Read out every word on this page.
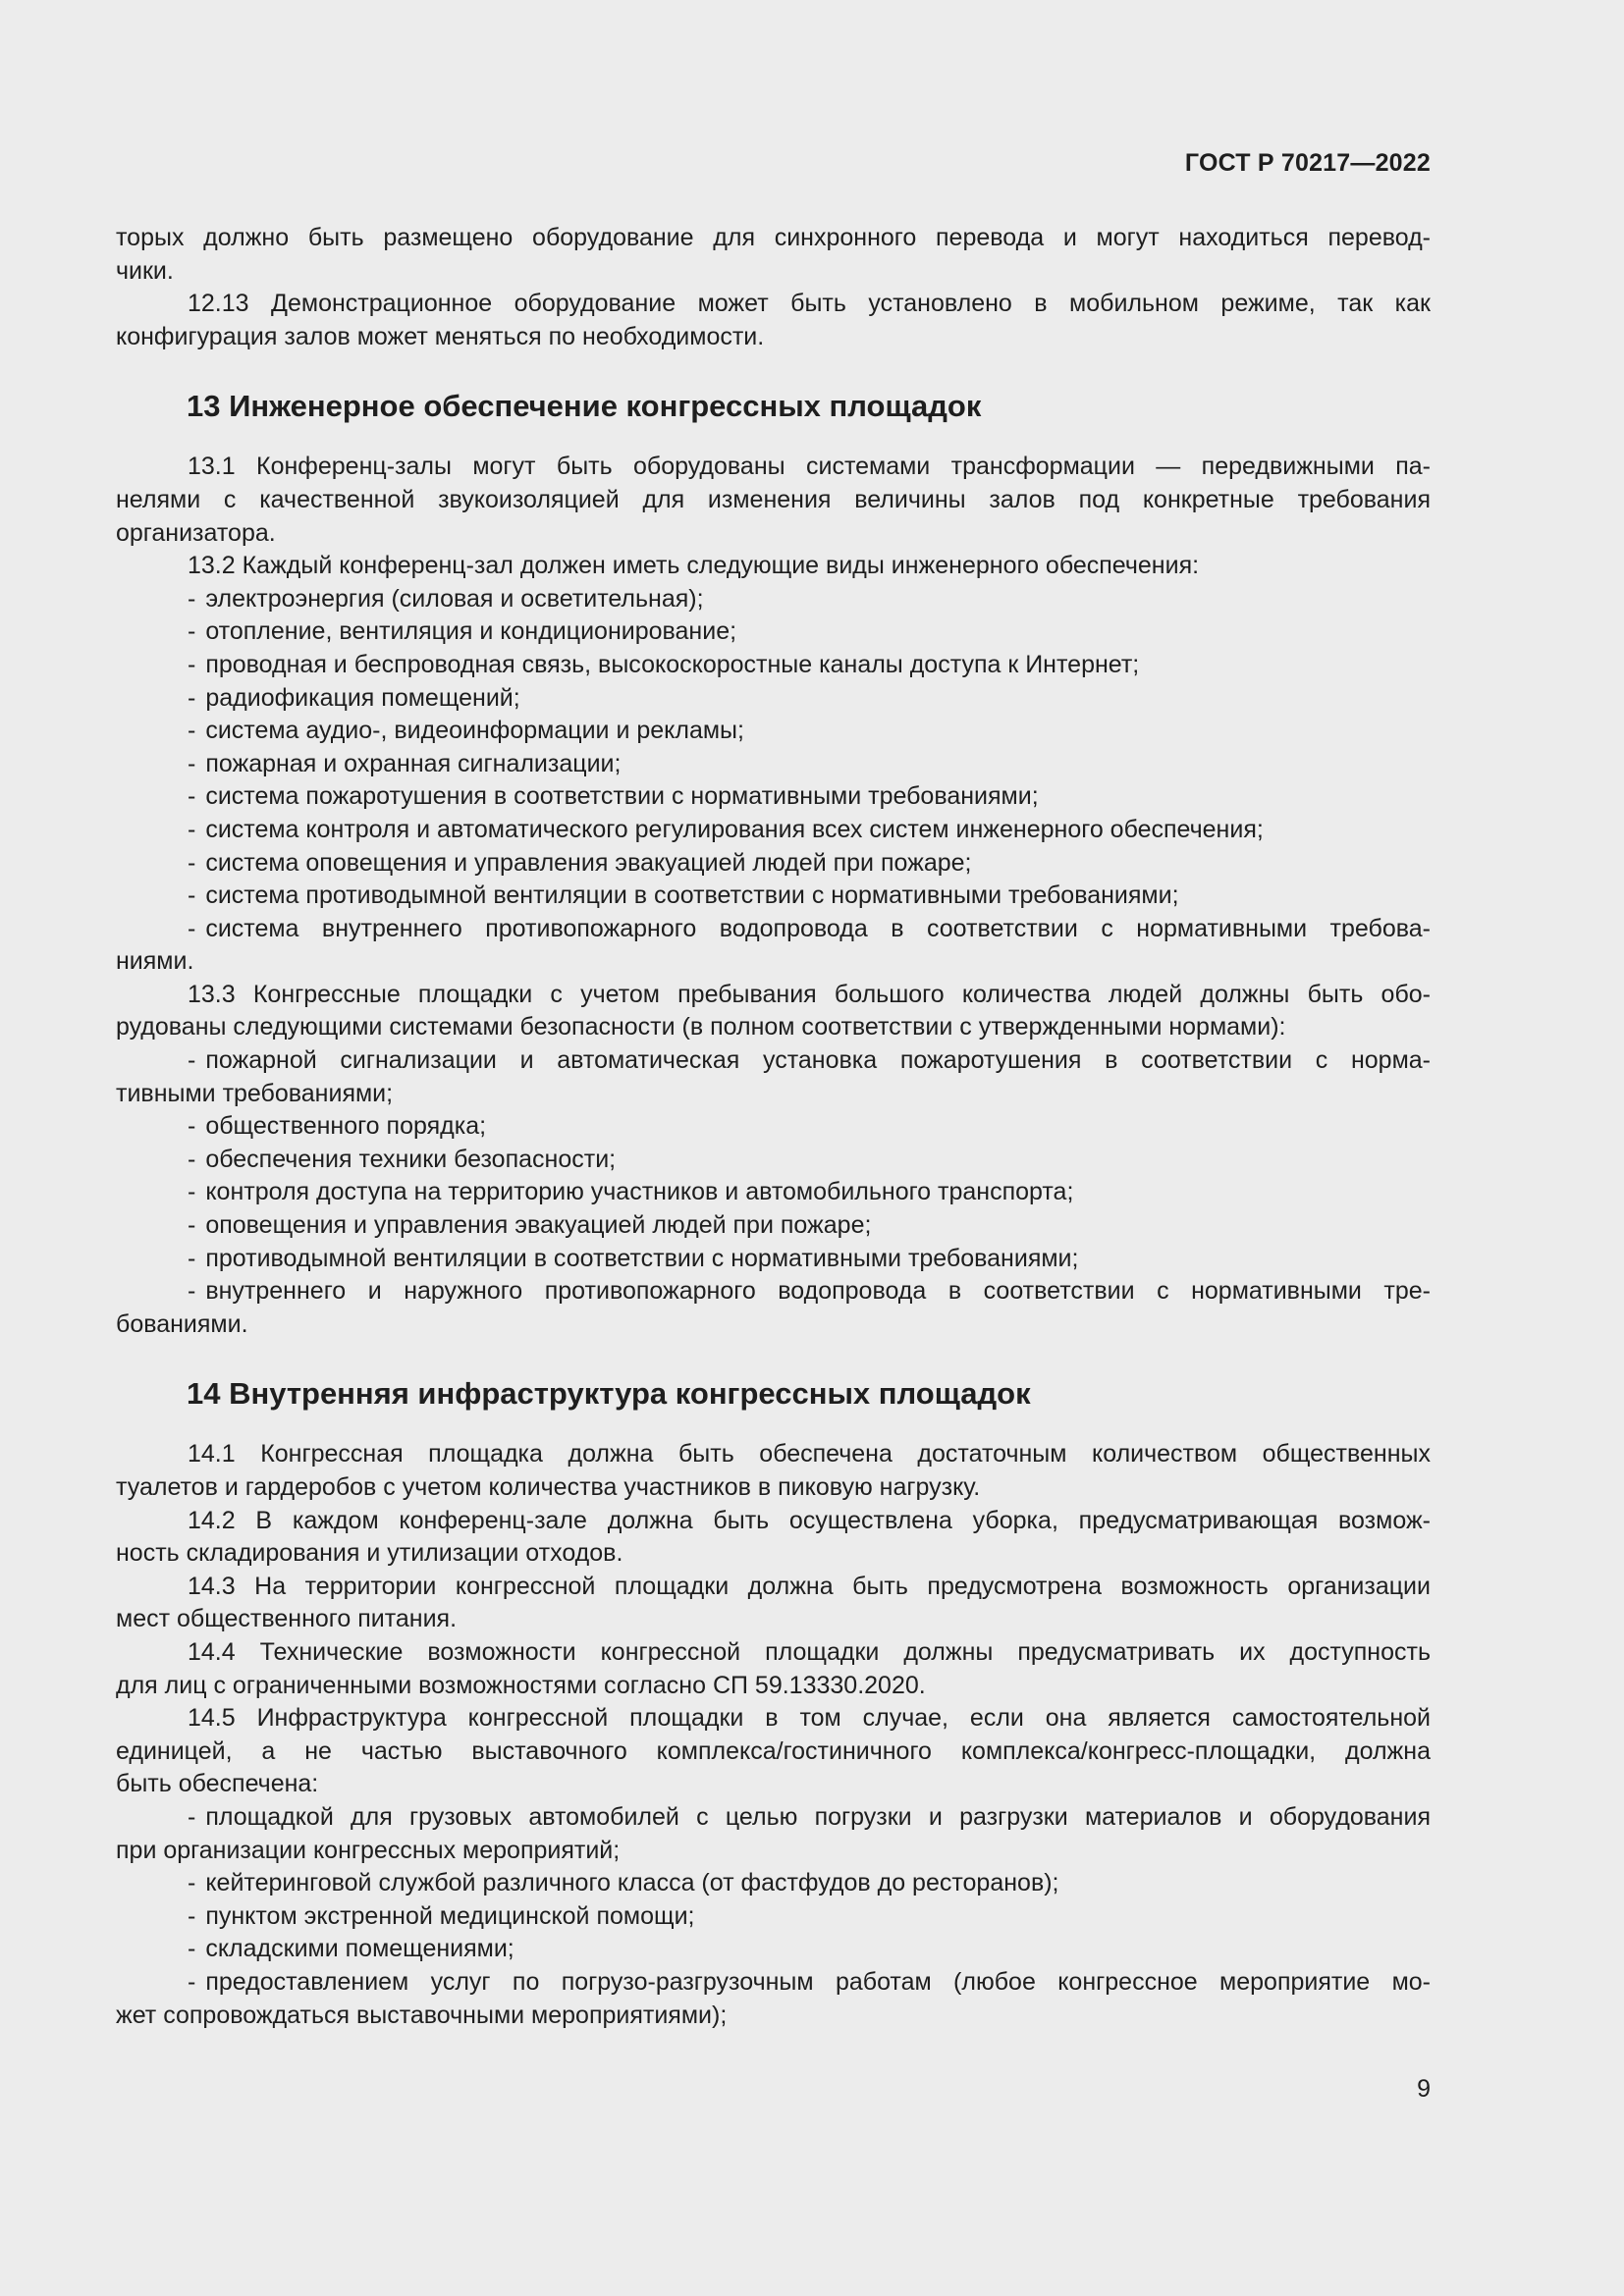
ГОСТ Р 70217—2022

торых должно быть размещено оборудование для синхронного перевода и могут находиться перевод-

чики.

12.13 Демонстрационное оборудование может быть установлено в мобильном режиме, так как

конфигурация залов может меняться по необходимости.

13 Инженерное обеспечение конгрессных площадок

13.1 Конференц-залы могут быть оборудованы системами трансформации — передвижными па-

нелями с качественной звукоизоляцией для изменения величины залов под конкретные требования

организатора.

13.2 Каждый конференц-зал должен иметь следующие виды инженерного обеспечения:

- электроэнергия (силовая и осветительная);

- отопление, вентиляция и кондиционирование;

- проводная и беспроводная связь, высокоскоростные каналы доступа к Интернет;

- радиофикация помещений;

- система аудио-, видеоинформации и рекламы;

- пожарная и охранная сигнализации;

- система пожаротушения в соответствии с нормативными требованиями;

- система контроля и автоматического регулирования всех систем инженерного обеспечения;

- система оповещения и управления эвакуацией людей при пожаре;

- система противодымной вентиляции в соответствии с нормативными требованиями;

- система внутреннего противопожарного водопровода в соответствии с нормативными требова-

ниями.

13.3 Конгрессные площадки с учетом пребывания большого количества людей должны быть обо-

рудованы следующими системами безопасности (в полном соответствии с утвержденными нормами):

- пожарной сигнализации и автоматическая установка пожаротушения в соответствии с норма-

тивными требованиями;

- общественного порядка;

- обеспечения техники безопасности;

- контроля доступа на территорию участников и автомобильного транспорта;

- оповещения и управления эвакуацией людей при пожаре;

- противодымной вентиляции в соответствии с нормативными требованиями;

- внутреннего и наружного противопожарного водопровода в соответствии с нормативными тре-

бованиями.

14 Внутренняя инфраструктура конгрессных площадок

14.1 Конгрессная площадка должна быть обеспечена достаточным количеством общественных

туалетов и гардеробов с учетом количества участников в пиковую нагрузку.

14.2 В каждом конференц-зале должна быть осуществлена уборка, предусматривающая возмож-

ность складирования и утилизации отходов.

14.3 На территории конгрессной площадки должна быть предусмотрена возможность организации

мест общественного питания.

14.4 Технические возможности конгрессной площадки должны предусматривать их доступность

для лиц с ограниченными возможностями согласно СП 59.13330.2020.

14.5 Инфраструктура конгрессной площадки в том случае, если она является самостоятельной

единицей, а не частью выставочного комплекса/гостиничного комплекса/конгресс-площадки, должна

быть обеспечена:

- площадкой для грузовых автомобилей с целью погрузки и разгрузки материалов и оборудования

при организации конгрессных мероприятий;

- кейтеринговой службой различного класса (от фастфудов до ресторанов);

- пунктом экстренной медицинской помощи;

- складскими помещениями;

- предоставлением услуг по погрузо-разгрузочным работам (любое конгрессное мероприятие мо-

жет сопровождаться выставочными мероприятиями);

9
